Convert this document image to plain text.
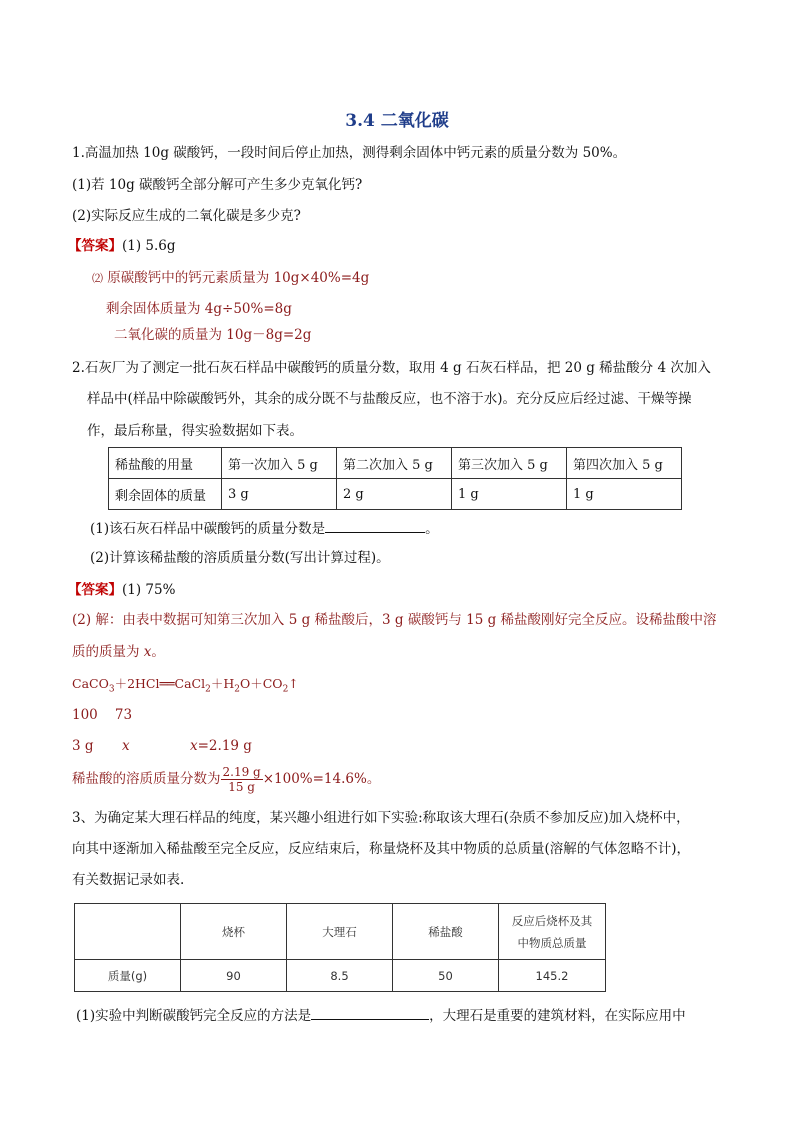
3.4 二氧化碳
1.高温加热 10g 碳酸钙，一段时间后停止加热，测得剩余固体中钙元素的质量分数为 50%。
(1)若 10g 碳酸钙全部分解可产生多少克氧化钙?
(2)实际反应生成的二氧化碳是多少克?
【答案】(1) 5.6g
⑵ 原碳酸钙中的钙元素质量为 10g×40%=4g
剩余固体质量为 4g÷50%=8g
二氧化碳的质量为 10g－8g=2g
2.石灰厂为了测定一批石灰石样品中碳酸钙的质量分数，取用 4 g 石灰石样品，把 20 g 稀盐酸分 4 次加入
样品中(样品中除碳酸钙外，其余的成分既不与盐酸反应，也不溶于水)。充分反应后经过滤、干燥等操
作，最后称量，得实验数据如下表。
稀盐酸的用量	第一次加入 5 g	第二次加入 5 g	第三次加入 5 g	第四次加入 5 g
剩余固体的质量	3 g	2 g	1 g	1 g
(1)该石灰石样品中碳酸钙的质量分数是	。
(2)计算该稀盐酸的溶质质量分数(写出计算过程)。
【答案】(1) 75%
(2) 解：由表中数据可知第三次加入 5 g 稀盐酸后，3 g 碳酸钙与 15 g 稀盐酸刚好完全反应。设稀盐酸中溶
质的质量为 x。
$CaCO_3+2HCl══CaCl_2+H_2O+CO_2↑$
100    73
3 g x	x=2.19 g
稀盐酸的溶质质量分数为 $\frac{2.19 g}{15 g} \times 100\%=14.6\%$。
3、为确定某大理石样品的纯度，某兴趣小组进行如下实验:称取该大理石(杂质不参加反应)加入烧杯中，
向其中逐渐加入稀盐酸至完全反应，反应结束后，称量烧杯及其中物质的总质量(溶解的气体忽略不计)，
有关数据记录如表.
	烧杯	大理石	稀盐酸	反应后烧杯及其
中物质总质量
质量(g)	90	8.5	50	145.2
(1)实验中判断碳酸钙完全反应的方法是	，大理石是重要的建筑材料，在实际应用中
